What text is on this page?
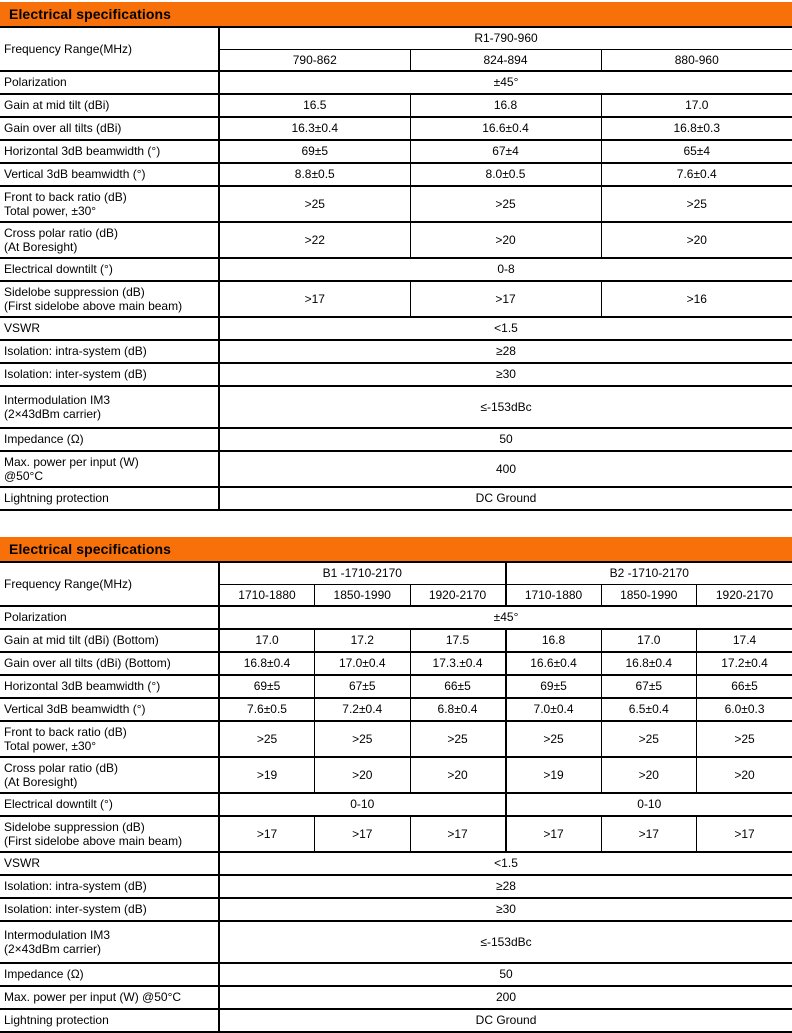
Electrical specifications
Frequency Range(MHz)	R1-790-960		

	790-862	824-894	880-960

Polarization	±45°		

Gain at mid tilt (dBi)	16.5	16.8	17.0

Gain over all tilts (dBi)	16.3±0.4	16.6±0.4	16.8±0.3

Horizontal 3dB beamwidth (°)	69±5	67±4	65±4

Vertical 3dB beamwidth (°)	8.8±0.5	8.0±0.5	7.6±0.4

Front to back ratio (dB)
Total power, ±30°	>25	>25	>25

Cross polar ratio (dB)
(At Boresight)	>22	>20	>20

Electrical downtilt (°)	0-8		

Sidelobe suppression (dB)
(First sidelobe above main beam)	>17	>17	>16

VSWR	<1.5		

Isolation: intra-system (dB)	≥28		

Isolation: inter-system (dB)	≥30		

Intermodulation IM3
(2×43dBm carrier)	≤-153dBc		

Impedance (Ω)	50		

Max. power per input (W)
@50°C	400		

Lightning protection	DC Ground		
Electrical specifications
Frequency Range(MHz)	B1 -1710-2170			B2 -1710-2170		

	1710-1880	1850-1990	1920-2170	1710-1880	1850-1990	1920-2170

Polarization	±45°					

Gain at mid tilt (dBi) (Bottom)	17.0	17.2	17.5	16.8	17.0	17.4

Gain over all tilts (dBi) (Bottom)	16.8±0.4	17.0±0.4	17.3.±0.4	16.6±0.4	16.8±0.4	17.2±0.4

Horizontal 3dB beamwidth (°)	69±5	67±5	66±5	69±5	67±5	66±5

Vertical 3dB beamwidth (°)	7.6±0.5	7.2±0.4	6.8±0.4	7.0±0.4	6.5±0.4	6.0±0.3

Front to back ratio (dB)
Total power, ±30°	>25	>25	>25	>25	>25	>25

Cross polar ratio (dB)
(At Boresight)	>19	>20	>20	>19	>20	>20

Electrical downtilt (°)	0-10			0-10		

Sidelobe suppression (dB)
(First sidelobe above main beam)	>17	>17	>17	>17	>17	>17

VSWR	<1.5					

Isolation: intra-system (dB)	≥28					

Isolation: inter-system (dB)	≥30					

Intermodulation IM3
(2×43dBm carrier)	≤-153dBc					

Impedance (Ω)	50					

Max. power per input (W) @50°C	200					

Lightning protection	DC Ground					
